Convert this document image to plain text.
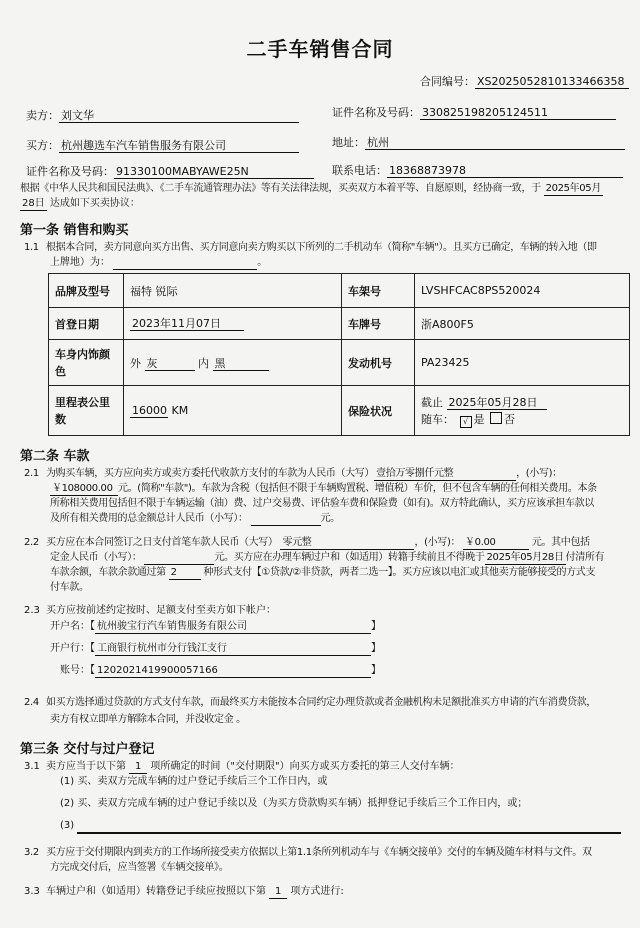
二手车销售合同
合同编号： XS2025052810133466358
卖方： 刘文华	证件名称及号码： 330825198205124511
买方： 杭州趣选车汽车销售服务有限公司	地址： 杭州
证件名称及号码： 91330100MABYAWE25N	联系电话： 18368873978
根据《中华人民共和国民法典》、《二手车流通管理办法》等有关法律法规，买卖双方本着平等、自愿原则，经协商一致，于 2025年05月
28日 达成如下买卖协议：
第一条 销售和购买
1.1 根据本合同，卖方同意向买方出售、买方同意向卖方购买以下所列的二手机动车（简称"车辆"）。且买方已确定，车辆的转入地（即
上牌地）为：	。
品牌及型号	福特 锐际	车架号	LVSHFCAC8PS520024
首登日期	2023年11月07日	车牌号	浙A800F5
车身内饰颜色	外 灰 内 黑	发动机号	PA23425
里程表公里数	16000 KM	保险状况	截止 2025年05月28日
随车： √ 是 否
第二条 车款
2.1 为购买车辆，买方应向卖方或卖方委托代收款方支付的车款为人民币（大写） 壹拾万零捌仟元整	，(小写)：
￥108000.00 元。(简称"车款")。车款为含税（包括但不限于车辆购置税、增值税）车价，但不包含车辆的任何相关费用。本条
所称相关费用包括但不限于车辆运输（油）费、过户交易费、评估验车费和保险费（如有)。双方特此确认，买方应该承担车款以
及所有相关费用的总金额总计人民币（小写）：	元。
2.2 买方应在本合同签订之日支付首笔车款人民币（大写） 零元整	，(小写)： ￥0.00	元。其中包括
定金人民币（小写）：	元。买方应在办理车辆过户和（如适用）转籍手续前且不得晚于 2025年05月28日 付清所有
车款余额，车款余款通过第 2	种形式支付【①贷款/②非贷款，两者二选一】。买方应该以电汇或其他卖方能够接受的方式支
付车款。
2.3 买方应按前述约定按时、足额支付至卖方如下帐户：
开户名：【 杭州骏宝行汽车销售服务有限公司	】
开户行：【 工商银行杭州市分行钱江支行	】
账号：【 1202021419900057166	】
2.4 如买方选择通过贷款的方式支付车款，而最终买方未能按本合同约定办理贷款或者金融机构未足额批准买方申请的汽车消费贷款，
卖方有权立即单方解除本合同，并没收定金 。
第三条 交付与过户登记
3.1 卖方应当于以下第 1 项所确定的时间（"交付期限"）向买方或买方委托的第三人交付车辆：
(1) 买、卖双方完成车辆的过户登记手续后三个工作日内，或
(2) 买、卖双方完成车辆的过户登记手续以及（为买方贷款购买车辆）抵押登记手续后三个工作日内，或；
(3)
3.2 买方应于交付期限内到卖方的工作场所接受卖方依据以上第1.1条所列机动车与《车辆交接单》交付的车辆及随车材料与文件。双
方完成交付后，应当签署《车辆交接单》。
3.3 车辆过户和（如适用）转籍登记手续应按照以下第 1 项方式进行:
